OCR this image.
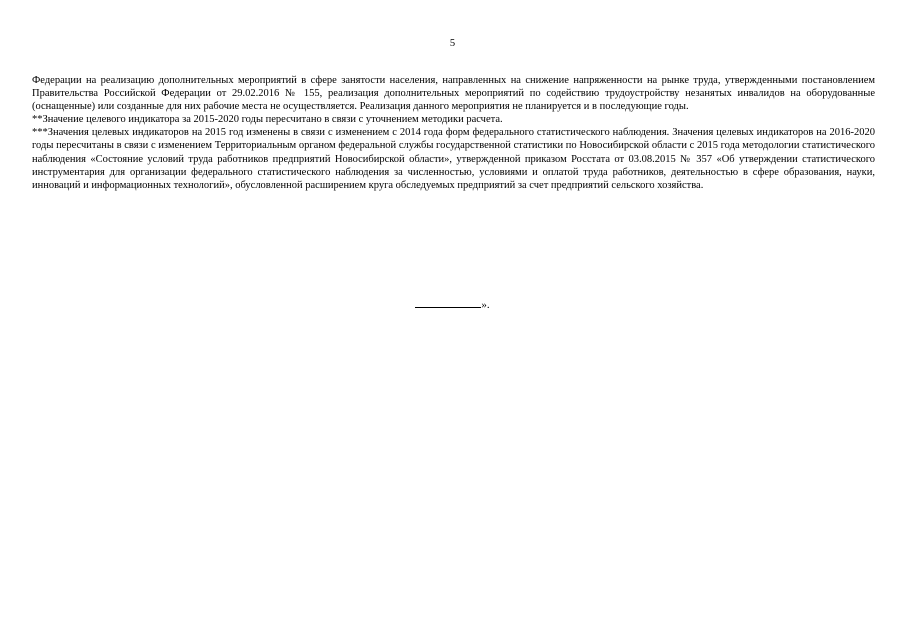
5

Федерации на реализацию дополнительных мероприятий в сфере занятости населения, направленных на снижение напряженности на рынке труда, утвержденными постановлением Правительства Российской Федерации от 29.02.2016 № 155, реализация дополнительных мероприятий по содействию трудоустройству незанятых инвалидов на оборудованные (оснащенные) или созданные для них рабочие места не осуществляется. Реализация данного мероприятия не планируется и в последующие годы.

**Значение целевого индикатора за 2015-2020 годы пересчитано в связи с уточнением методики расчета.

***Значения целевых индикаторов на 2015 год изменены в связи с изменением с 2014 года форм федерального статистического наблюдения. Значения целевых индикаторов на 2016-2020 годы пересчитаны в связи с изменением Территориальным органом федеральной службы государственной статистики по Новосибирской области с 2015 года методологии статистического наблюдения «Состояние условий труда работников предприятий Новосибирской области», утвержденной приказом Росстата от 03.08.2015 № 357 «Об утверждении статистического инструментария для организации федерального статистического наблюдения за численностью, условиями и оплатой труда работников, деятельностью в сфере образования, науки, инноваций и информационных технологий», обусловленной расширением круга обследуемых предприятий за счет предприятий сельского хозяйства.

».
